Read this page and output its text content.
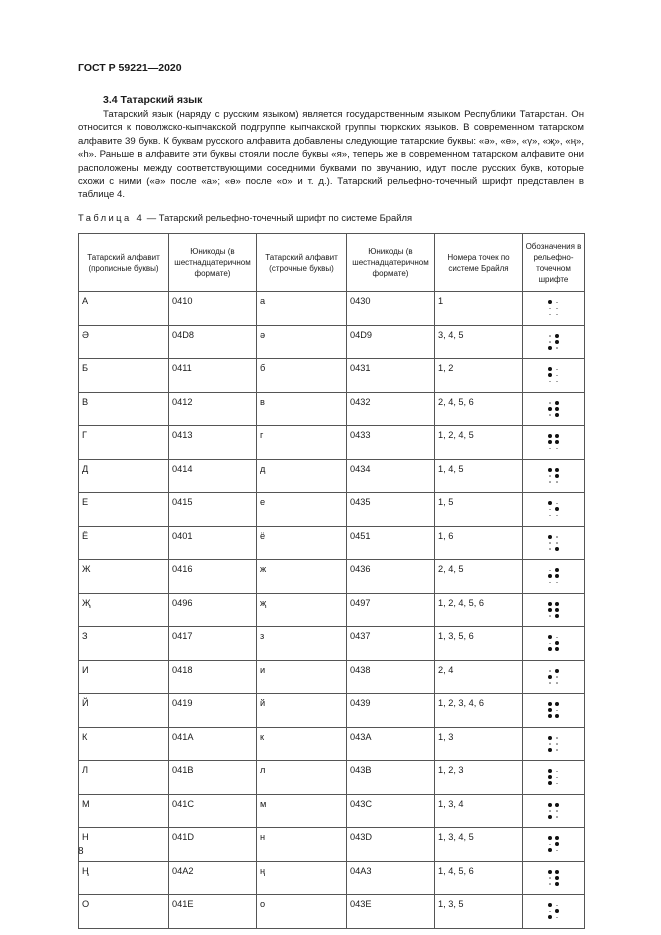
ГОСТ Р 59221—2020
3.4 Татарский язык
Татарский язык (наряду с русским языком) является государственным языком Республики Татарстан. Он относится к поволжско-кыпчакской подгруппе кыпчакской группы тюркских языков. В современном татарском алфавите 39 букв. К буквам русского алфавита добавлены следующие татарские буквы: «ә», «ө», «ү», «җ», «ң», «һ». Раньше в алфавите эти буквы стояли после буквы «я», теперь же в современном татарском алфавите они расположены между соответствующими соседними буквами по звучанию, идут после русских букв, которые схожи с ними («ә» после «а»; «ө» после «о» и т. д.). Татарский рельефно-точечный шрифт представлен в таблице 4.
Таблица 4 — Татарский рельефно-точечный шрифт по системе Брайля
Татарский алфавит (прописные буквы)	Юникоды (в шестнадцатеричном формате)	Татарский алфавит (строчные буквы)	Юникоды (в шестнадцатеричном формате)	Номера точек по системе Брайля	Обозначения в рельефно-точечном шрифте
А	0410	а	0430	1	

Ә	04D8	ә	04D9	3, 4, 5	

Б	0411	б	0431	1, 2	

В	0412	в	0432	2, 4, 5, 6	

Г	0413	г	0433	1, 2, 4, 5	

Д	0414	д	0434	1, 4, 5	

Е	0415	е	0435	1, 5	

Ё	0401	ё	0451	1, 6	

Ж	0416	ж	0436	2, 4, 5	

Җ	0496	җ	0497	1, 2, 4, 5, 6	

З	0417	з	0437	1, 3, 5, 6	

И	0418	и	0438	2, 4	

Й	0419	й	0439	1, 2, 3, 4, 6	

К	041A	к	043A	1, 3	

Л	041B	л	043B	1, 2, 3	

М	041C	м	043C	1, 3, 4	

Н	041D	н	043D	1, 3, 4, 5	

Ң	04A2	ң	04A3	1, 4, 5, 6	

О	041E	о	043E	1, 3, 5	
8
